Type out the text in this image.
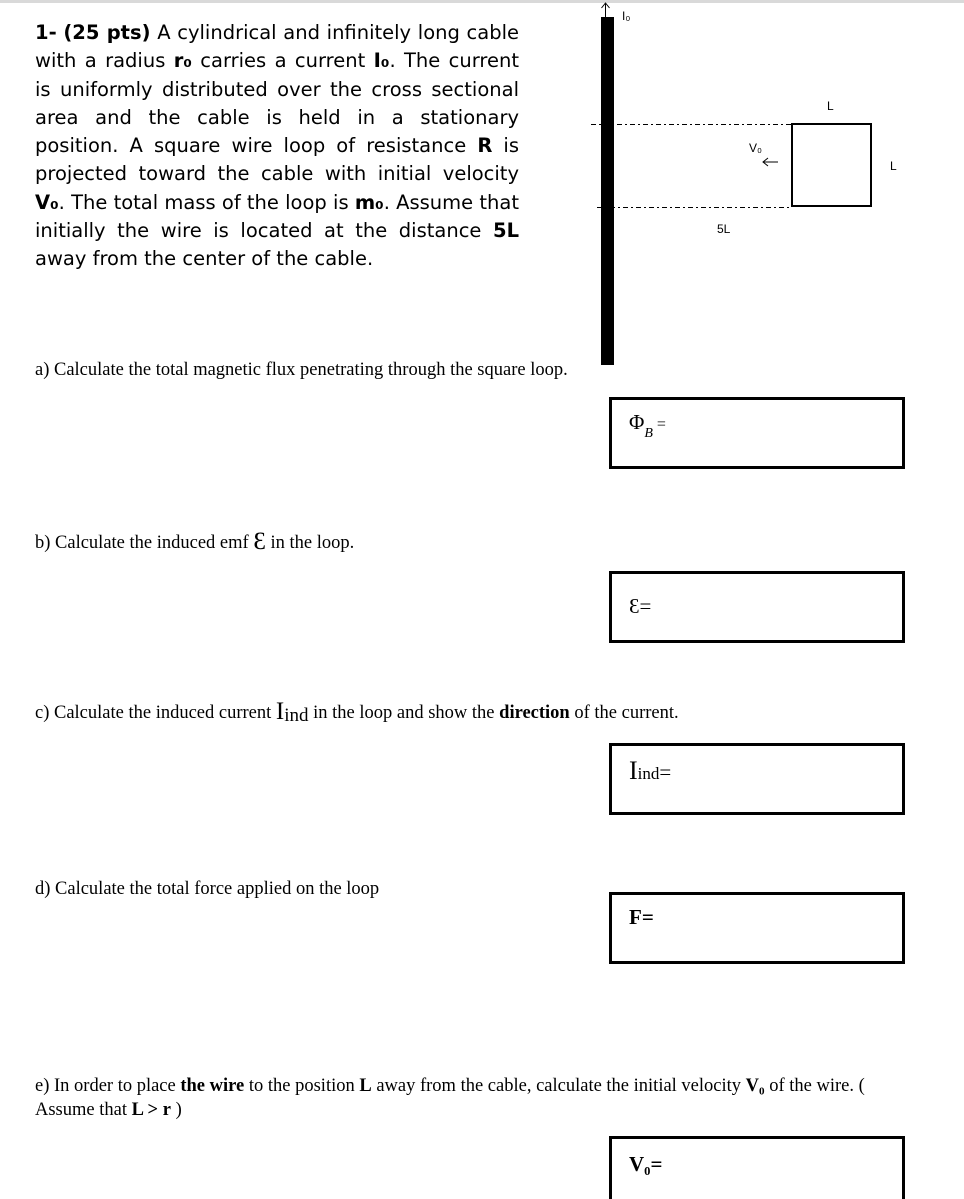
1- (25 pts) A cylindrical and infinitely long cable with a radius r₀ carries a current I₀. The current is uniformly distributed over the cross sectional area and the cable is held in a stationary position. A square wire loop of resistance R is projected toward the cable with initial velocity V₀. The total mass of the loop is m₀. Assume that initially the wire is located at the distance 5L away from the center of the cable.
I₀
L
L
V₀
5L
a) Calculate the total magnetic flux penetrating through the square loop.
$\Phi_B$ =
b) Calculate the induced emf Ɛ in the loop.
Ɛ=
c) Calculate the induced current Iind in the loop and show the direction of the current.
Iind=
d) Calculate the total force applied on the loop
F=
e) In order to place the wire to the position L away from the cable, calculate the initial velocity V₀ of the wire. ( Assume that L > r )
V₀=
